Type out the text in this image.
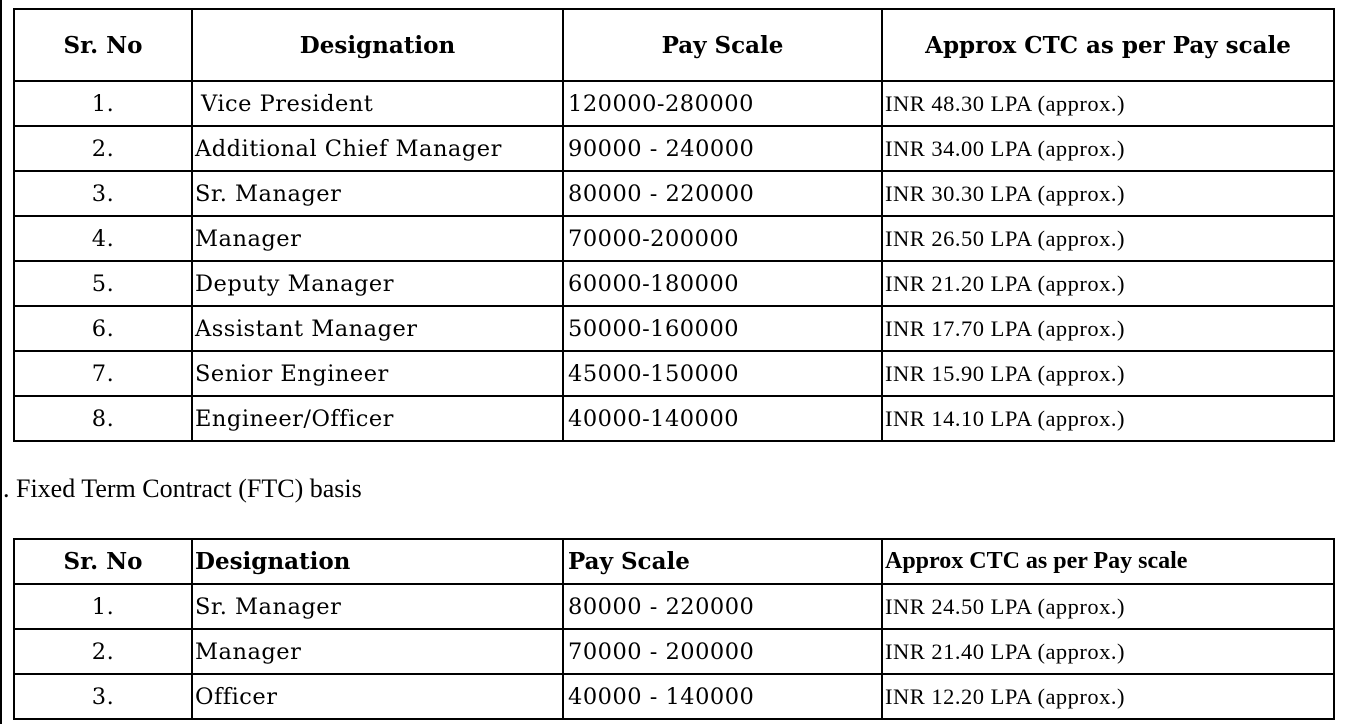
Sr. No	Designation	Pay Scale	Approx CTC as per Pay scale
1.	Vice President	120000-280000	INR 48.30 LPA (approx.)
2.	Additional Chief Manager	90000 - 240000	INR 34.00 LPA (approx.)
3.	Sr. Manager	80000 - 220000	INR 30.30 LPA (approx.)
4.	Manager	70000-200000	INR 26.50 LPA (approx.)
5.	Deputy Manager	60000-180000	INR 21.20 LPA (approx.)
6.	Assistant Manager	50000-160000	INR 17.70 LPA (approx.)
7.	Senior Engineer	45000-150000	INR 15.90 LPA (approx.)
8.	Engineer/Officer	40000-140000	INR 14.10 LPA (approx.)
. Fixed Term Contract (FTC) basis
Sr. No	Designation	Pay Scale	Approx CTC as per Pay scale
1.	Sr. Manager	80000 - 220000	INR 24.50 LPA (approx.)
2.	Manager	70000 - 200000	INR 21.40 LPA (approx.)
3.	Officer	40000 - 140000	INR 12.20 LPA (approx.)
